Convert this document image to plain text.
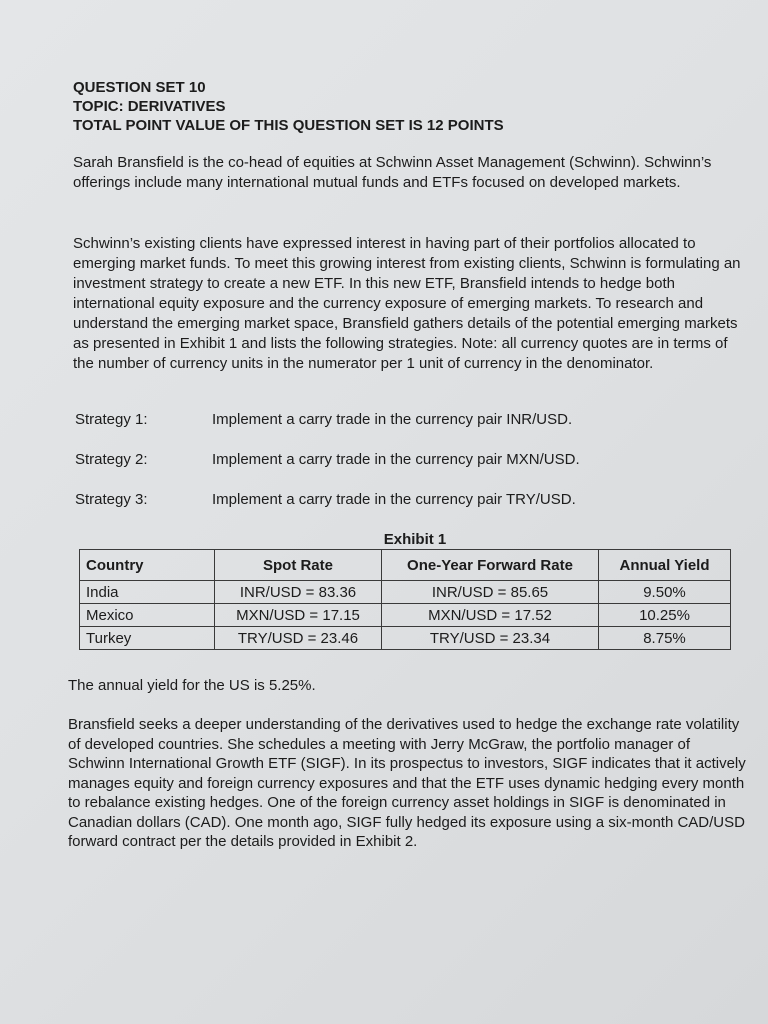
QUESTION SET 10
TOPIC: DERIVATIVES
TOTAL POINT VALUE OF THIS QUESTION SET IS 12 POINTS

Sarah Bransfield is the co-head of equities at Schwinn Asset Management (Schwinn). Schwinn’s offerings include many international mutual funds and ETFs focused on developed markets.

Schwinn’s existing clients have expressed interest in having part of their portfolios allocated to emerging market funds. To meet this growing interest from existing clients, Schwinn is formulating an investment strategy to create a new ETF. In this new ETF, Bransfield intends to hedge both international equity exposure and the currency exposure of emerging markets. To research and understand the emerging market space, Bransfield gathers details of the potential emerging markets as presented in Exhibit 1 and lists the following strategies. Note: all currency quotes are in terms of the number of currency units in the numerator per 1 unit of currency in the denominator.

Strategy 1:	Implement a carry trade in the currency pair INR/USD.
Strategy 2:	Implement a carry trade in the currency pair MXN/USD.
Strategy 3:	Implement a carry trade in the currency pair TRY/USD.
Exhibit 1
Country	Spot Rate	One-Year Forward Rate	Annual Yield
India	INR/USD = 83.36	INR/USD = 85.65	9.50%
Mexico	MXN/USD = 17.15	MXN/USD = 17.52	10.25%
Turkey	TRY/USD = 23.46	TRY/USD = 23.34	8.75%

The annual yield for the US is 5.25%.

Bransfield seeks a deeper understanding of the derivatives used to hedge the exchange rate volatility of developed countries. She schedules a meeting with Jerry McGraw, the portfolio manager of Schwinn International Growth ETF (SIGF). In its prospectus to investors, SIGF indicates that it actively manages equity and foreign currency exposures and that the ETF uses dynamic hedging every month to rebalance existing hedges. One of the foreign currency asset holdings in SIGF is denominated in Canadian dollars (CAD). One month ago, SIGF fully hedged its exposure using a six-month CAD/USD forward contract per the details provided in Exhibit 2.
